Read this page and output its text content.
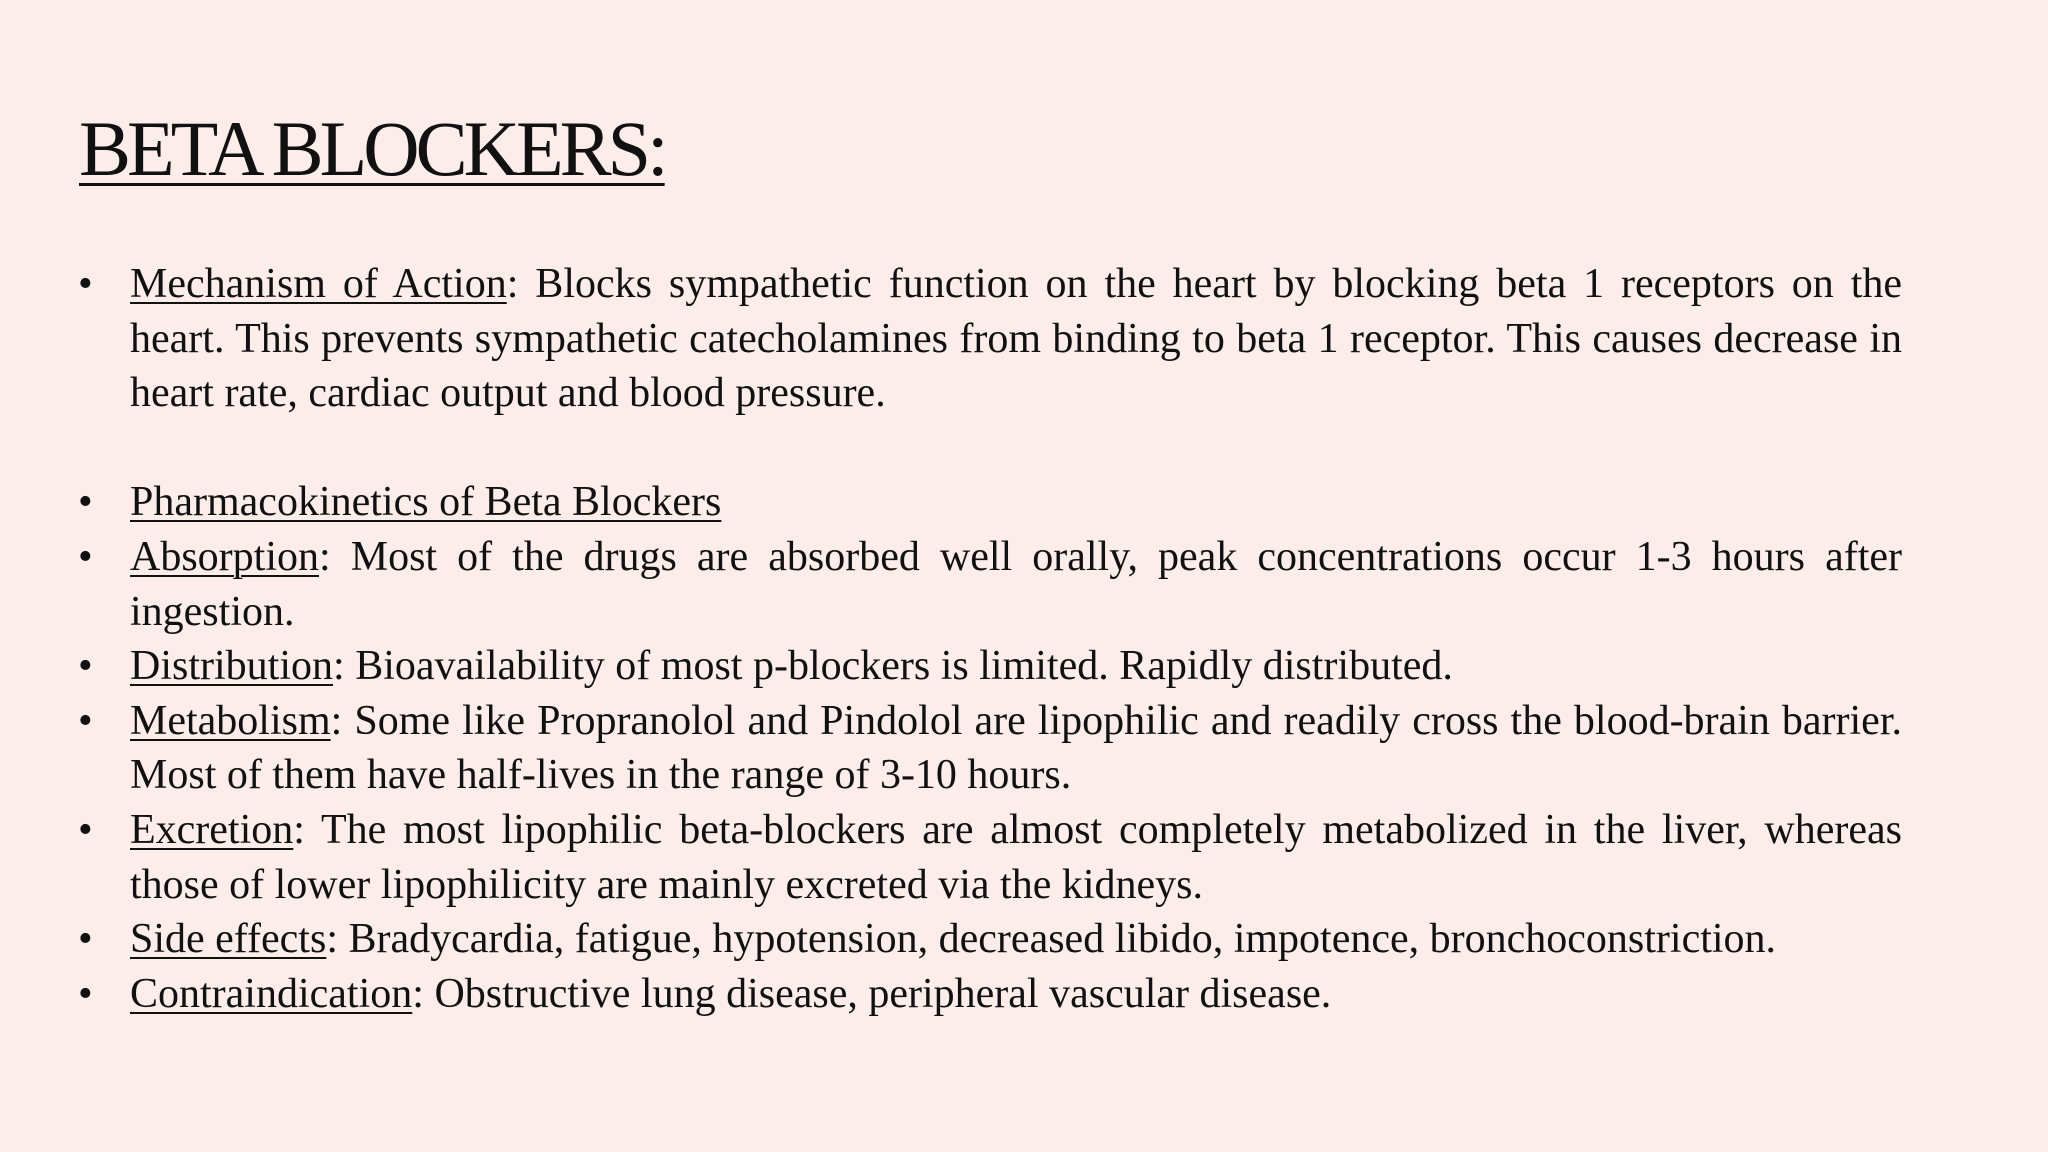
BETA BLOCKERS:
• Mechanism of Action: Blocks sympathetic function on the heart by blocking beta 1 receptors on the heart. This prevents sympathetic catecholamines from binding to beta 1 receptor. This causes decrease in heart rate, cardiac output and blood pressure.
• Pharmacokinetics of Beta Blockers
• Absorption: Most of the drugs are absorbed well orally, peak concentrations occur 1-3 hours after ingestion.
• Distribution: Bioavailability of most p-blockers is limited. Rapidly distributed.
• Metabolism: Some like Propranolol and Pindolol are lipophilic and readily cross the blood-brain barrier. Most of them have half-lives in the range of 3-10 hours.
• Excretion: The most lipophilic beta-blockers are almost completely metabolized in the liver, whereas those of lower lipophilicity are mainly excreted via the kidneys.
• Side effects: Bradycardia, fatigue, hypotension, decreased libido, impotence, bronchoconstriction.
• Contraindication: Obstructive lung disease, peripheral vascular disease.
